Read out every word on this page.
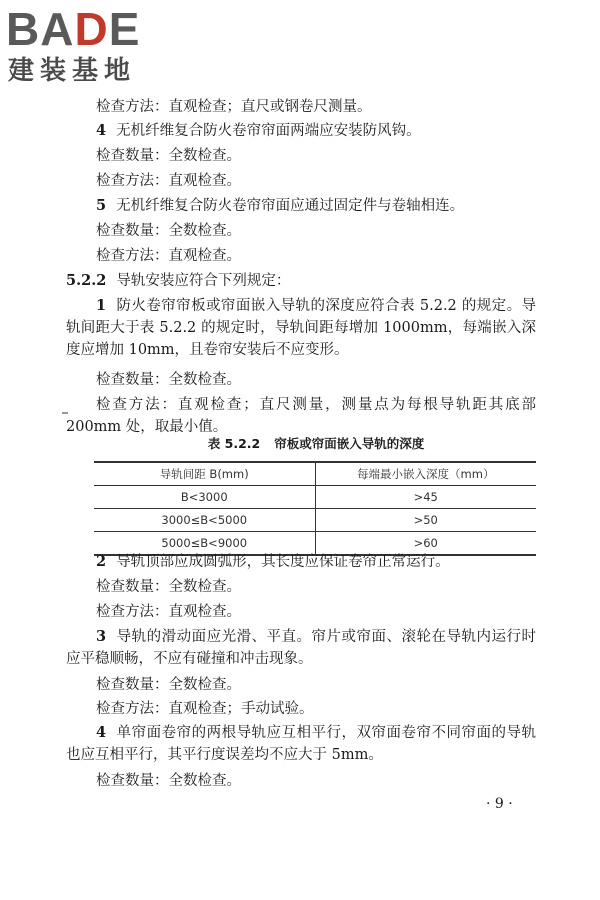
BADE
建装基地

检查方法：直观检查；直尺或钢卷尺测量。

4 无机纤维复合防火卷帘帘面两端应安装防风钩。

检查数量：全数检查。

检查方法：直观检查。

5 无机纤维复合防火卷帘帘面应通过固定件与卷轴相连。

检查数量：全数检查。

检查方法：直观检查。

5.2.2 导轨安装应符合下列规定：

1 防火卷帘帘板或帘面嵌入导轨的深度应符合表 5.2.2 的规定。导轨间距大于表 5.2.2 的规定时，导轨间距每增加 1000mm，每端嵌入深度应增加 10mm，且卷帘安装后不应变形。

检查数量：全数检查。

检查方法：直观检查；直尺测量，测量点为每根导轨距其底部 200mm 处，取最小值。

表 5.2.2 帘板或帘面嵌入导轨的深度
导轨间距 B(mm)	每端最小嵌入深度（mm）
B<3000	>45
3000≤B<5000	>50
5000≤B<9000	>60

2 导轨顶部应成圆弧形，其长度应保证卷帘正常运行。

检查数量：全数检查。

检查方法：直观检查。

3 导轨的滑动面应光滑、平直。帘片或帘面、滚轮在导轨内运行时应平稳顺畅，不应有碰撞和冲击现象。

检查数量：全数检查。

检查方法：直观检查；手动试验。

4 单帘面卷帘的两根导轨应互相平行，双帘面卷帘不同帘面的导轨也应互相平行，其平行度误差均不应大于 5mm。

检查数量：全数检查。

· 9 ·
